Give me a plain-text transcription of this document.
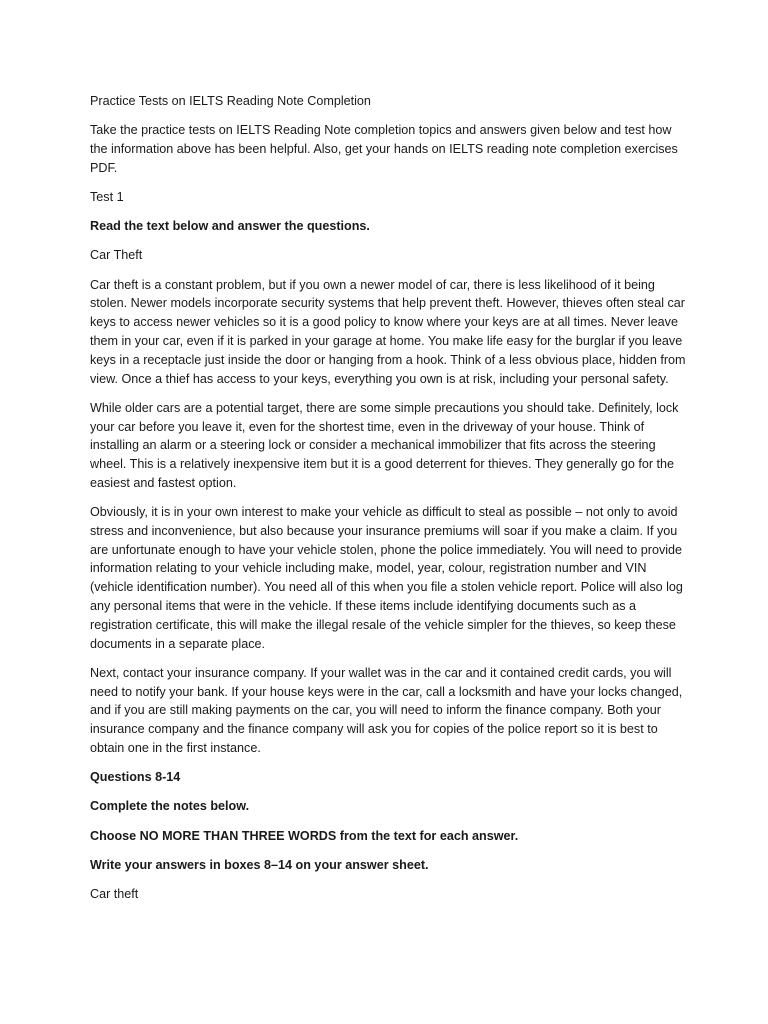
Practice Tests on IELTS Reading Note Completion

Take the practice tests on IELTS Reading Note completion topics and answers given below and test how the information above has been helpful. Also, get your hands on IELTS reading note completion exercises PDF.

Test 1

Read the text below and answer the questions.

Car Theft

Car theft is a constant problem, but if you own a newer model of car, there is less likelihood of it being stolen. Newer models incorporate security systems that help prevent theft. However, thieves often steal car keys to access newer vehicles so it is a good policy to know where your keys are at all times. Never leave them in your car, even if it is parked in your garage at home. You make life easy for the burglar if you leave keys in a receptacle just inside the door or hanging from a hook. Think of a less obvious place, hidden from view. Once a thief has access to your keys, everything you own is at risk, including your personal safety.

While older cars are a potential target, there are some simple precautions you should take. Definitely, lock your car before you leave it, even for the shortest time, even in the driveway of your house. Think of installing an alarm or a steering lock or consider a mechanical immobilizer that fits across the steering wheel. This is a relatively inexpensive item but it is a good deterrent for thieves. They generally go for the easiest and fastest option.

Obviously, it is in your own interest to make your vehicle as difficult to steal as possible – not only to avoid stress and inconvenience, but also because your insurance premiums will soar if you make a claim. If you are unfortunate enough to have your vehicle stolen, phone the police immediately. You will need to provide information relating to your vehicle including make, model, year, colour, registration number and VIN (vehicle identification number). You need all of this when you file a stolen vehicle report. Police will also log any personal items that were in the vehicle. If these items include identifying documents such as a registration certificate, this will make the illegal resale of the vehicle simpler for the thieves, so keep these documents in a separate place.

Next, contact your insurance company. If your wallet was in the car and it contained credit cards, you will need to notify your bank. If your house keys were in the car, call a locksmith and have your locks changed, and if you are still making payments on the car, you will need to inform the finance company. Both your insurance company and the finance company will ask you for copies of the police report so it is best to obtain one in the first instance.

Questions 8-14

Complete the notes below.

Choose NO MORE THAN THREE WORDS from the text for each answer.

Write your answers in boxes 8–14 on your answer sheet.

Car theft
